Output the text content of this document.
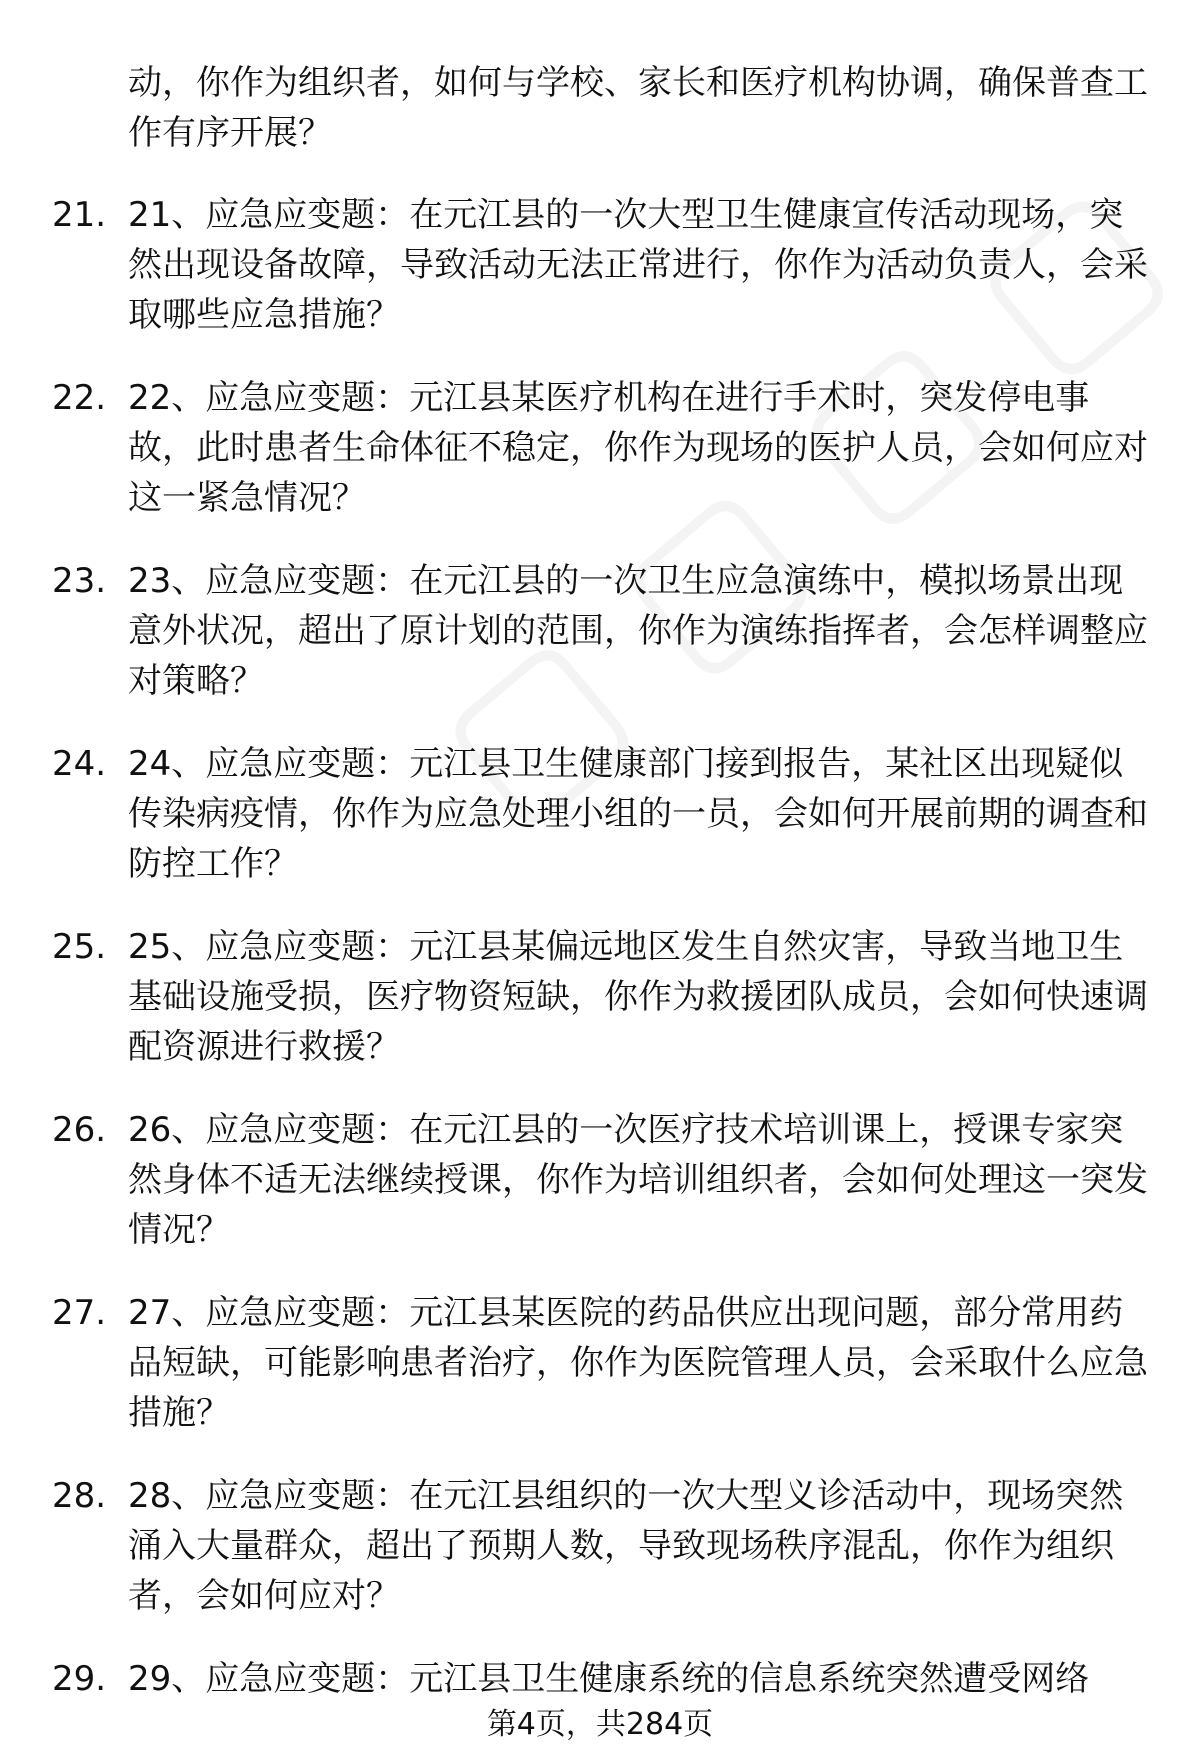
动，你作为组织者，如何与学校、家长和医疗机构协调，确保普查工作有序开展？
21. 21、应急应变题：在元江县的一次大型卫生健康宣传活动现场，突然出现设备故障，导致活动无法正常进行，你作为活动负责人，会采取哪些应急措施？
22. 22、应急应变题：元江县某医疗机构在进行手术时，突发停电事故，此时患者生命体征不稳定，你作为现场的医护人员，会如何应对这一紧急情况？
23. 23、应急应变题：在元江县的一次卫生应急演练中，模拟场景出现意外状况，超出了原计划的范围，你作为演练指挥者，会怎样调整应对策略？
24. 24、应急应变题：元江县卫生健康部门接到报告，某社区出现疑似传染病疫情，你作为应急处理小组的一员，会如何开展前期的调查和防控工作？
25. 25、应急应变题：元江县某偏远地区发生自然灾害，导致当地卫生基础设施受损，医疗物资短缺，你作为救援团队成员，会如何快速调配资源进行救援？
26. 26、应急应变题：在元江县的一次医疗技术培训课上，授课专家突然身体不适无法继续授课，你作为培训组织者，会如何处理这一突发情况？
27. 27、应急应变题：元江县某医院的药品供应出现问题，部分常用药品短缺，可能影响患者治疗，你作为医院管理人员，会采取什么应急措施？
28. 28、应急应变题：在元江县组织的一次大型义诊活动中，现场突然涌入大量群众，超出了预期人数，导致现场秩序混乱，你作为组织者，会如何应对？
29. 29、应急应变题：元江县卫生健康系统的信息系统突然遭受网络
第4页，共284页
